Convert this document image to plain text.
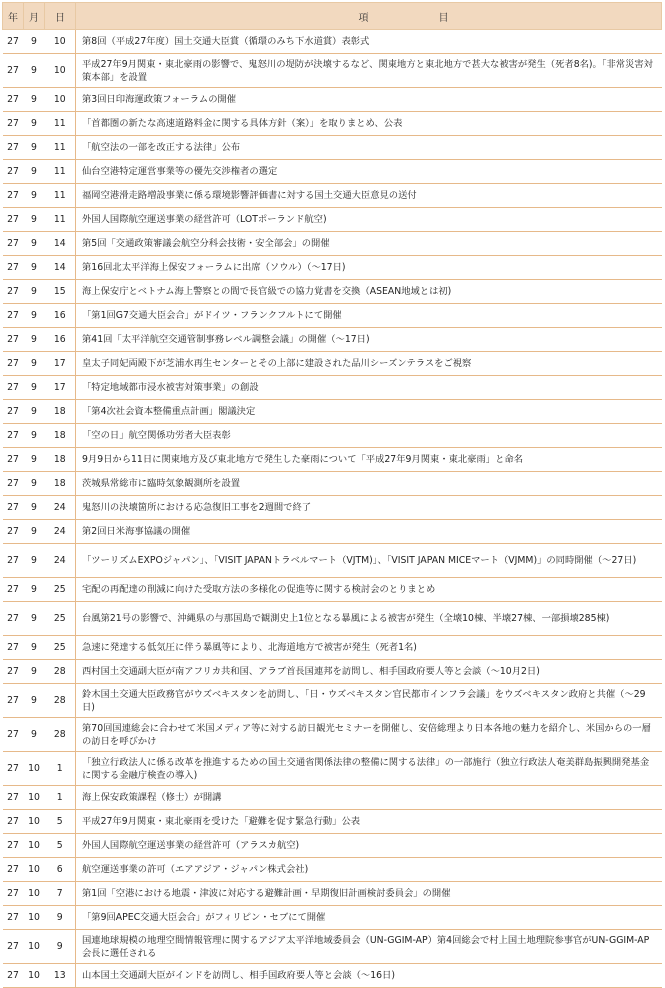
年	月	日	項 目
27	9	10	第8回（平成27年度）国土交通大臣賞（循環のみち下水道賞）表彰式
27	9	10	平成27年9月関東・東北豪雨の影響で、鬼怒川の堤防が決壊するなど、関東地方と東北地方で甚大な被害が発生（死者8名)。「非常災害対策本部」を設置
27	9	10	第3回日印海運政策フォーラムの開催
27	9	11	「首都圏の新たな高速道路料金に関する具体方針（案）」を取りまとめ、公表
27	9	11	「航空法の一部を改正する法律」公布
27	9	11	仙台空港特定運営事業等の優先交渉権者の選定
27	9	11	福岡空港滑走路増設事業に係る環境影響評価書に対する国土交通大臣意見の送付
27	9	11	外国人国際航空運送事業の経営許可（LOTポーランド航空)
27	9	14	第5回「交通政策審議会航空分科会技術・安全部会」の開催
27	9	14	第16回北太平洋海上保安フォーラムに出席（ソウル）（～17日)
27	9	15	海上保安庁とベトナム海上警察との間で長官級での協力覚書を交換（ASEAN地域とは初)
27	9	16	「第1回G7交通大臣会合」がドイツ・フランクフルトにて開催
27	9	16	第41回「太平洋航空交通管制事務レベル調整会議」の開催（～17日)
27	9	17	皇太子同妃両殿下が芝浦水再生センターとその上部に建設された品川シーズンテラスをご視察
27	9	17	「特定地域都市浸水被害対策事業」の創設
27	9	18	「第4次社会資本整備重点計画」閣議決定
27	9	18	「空の日」航空関係功労者大臣表彰
27	9	18	9月9日から11日に関東地方及び東北地方で発生した豪雨について「平成27年9月関東・東北豪雨」と命名
27	9	18	茨城県常総市に臨時気象観測所を設置
27	9	24	鬼怒川の決壊箇所における応急復旧工事を2週間で終了
27	9	24	第2回日米海事協議の開催
27	9	24	「ツーリズムEXPOジャパン」、「VISIT JAPANトラベルマート（VJTM)」、「VISIT JAPAN MICEマート（VJMM)」の同時開催（～27日)
27	9	25	宅配の再配達の削減に向けた受取方法の多様化の促進等に関する検討会のとりまとめ
27	9	25	台風第21号の影響で、沖縄県の与那国島で観測史上1位となる暴風による被害が発生（全壊10棟、半壊27棟、一部損壊285棟)
27	9	25	急速に発達する低気圧に伴う暴風等により、北海道地方で被害が発生（死者1名)
27	9	28	西村国土交通副大臣が南アフリカ共和国、アラブ首長国連邦を訪問し、相手国政府要人等と会談（～10月2日)
27	9	28	鈴木国土交通大臣政務官がウズベキスタンを訪問し、「日・ウズベキスタン官民都市インフラ会議」をウズベキスタン政府と共催（～29日)
27	9	28	第70回国連総会に合わせて米国メディア等に対する訪日観光セミナーを開催し、安倍総理より日本各地の魅力を紹介し、米国からの一層の訪日を呼びかけ
27	10	1	「独立行政法人に係る改革を推進するための国土交通省関係法律の整備に関する法律」の一部施行（独立行政法人奄美群島振興開発基金に関する金融庁検査の導入)
27	10	1	海上保安政策課程（修士）が開講
27	10	5	平成27年9月関東・東北豪雨を受けた「避難を促す緊急行動」公表
27	10	5	外国人国際航空運送事業の経営許可（アラスカ航空)
27	10	6	航空運送事業の許可（エアアジア・ジャパン株式会社)
27	10	7	第1回「空港における地震・津波に対応する避難計画・早期復旧計画検討委員会」の開催
27	10	9	「第9回APEC交通大臣会合」がフィリピン・セブにて開催
27	10	9	国連地球規模の地理空間情報管理に関するアジア太平洋地域委員会（UN-GGIM-AP）第4回総会で村上国土地理院参事官がUN-GGIM-AP会長に選任される
27	10	13	山本国土交通副大臣がインドを訪問し、相手国政府要人等と会談（～16日)
